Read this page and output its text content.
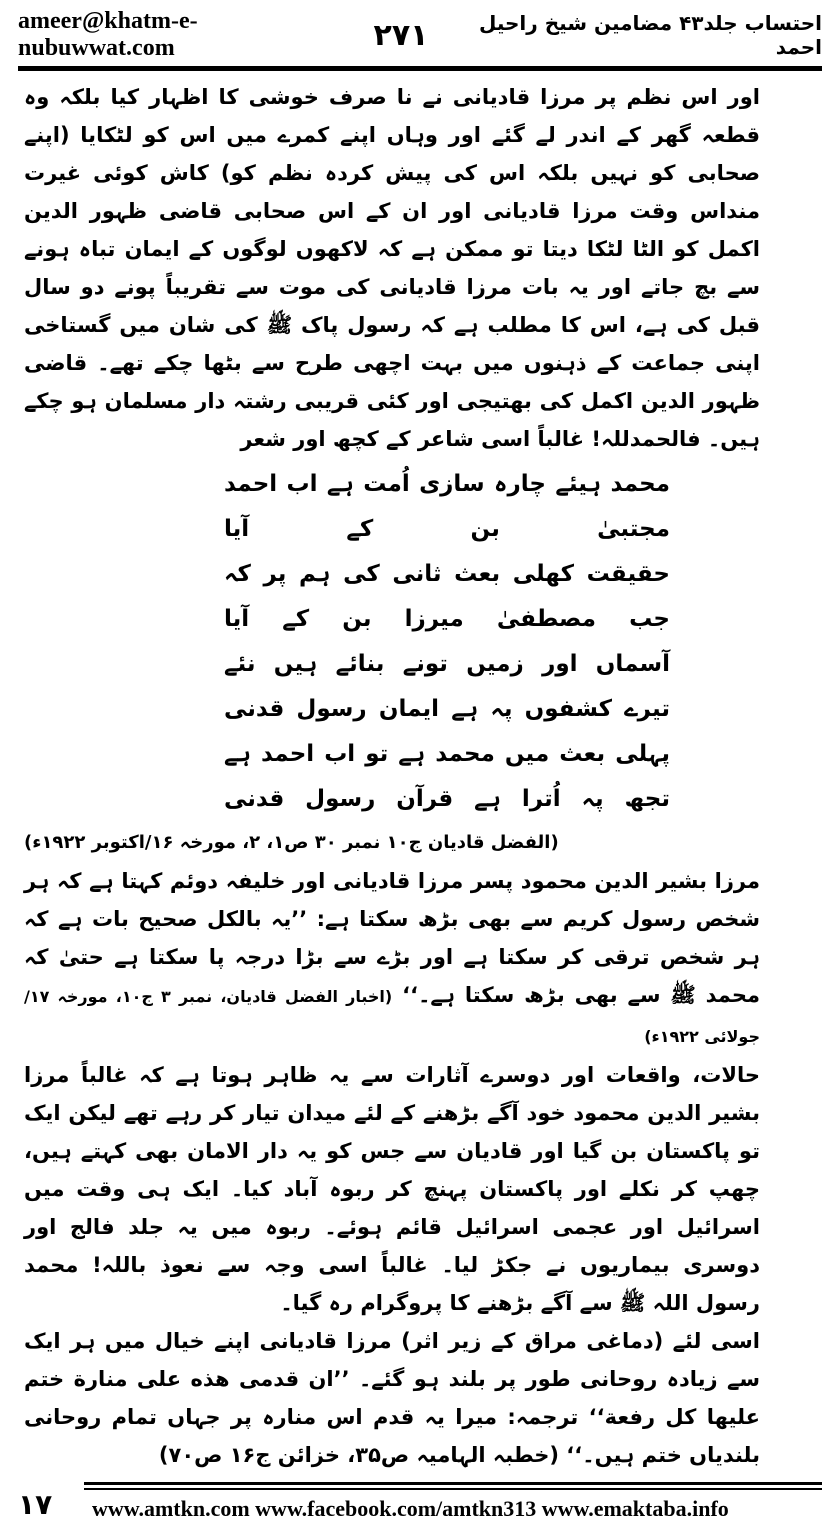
ameer@khatm-e-nubuwwat.com	۲۷۱	احتساب جلد۴۳ مضامین شیخ راحیل احمد

اور اس نظم پر مرزا قادیانی نے نا صرف خوشی کا اظہار کیا بلکہ وہ قطعہ گھر کے اندر لے گئے اور وہاں اپنے کمرے میں اس کو لٹکایا (اپنے صحابی کو نہیں بلکہ اس کی پیش کردہ نظم کو) کاش کوئی غیرت منداس وقت مرزا قادیانی اور ان کے اس صحابی قاضی ظہور الدین اکمل کو الٹا لٹکا دیتا تو ممکن ہے کہ لاکھوں لوگوں کے ایمان تباہ ہونے سے بچ جاتے اور یہ بات مرزا قادیانی کی موت سے تقریباً پونے دو سال قبل کی ہے، اس کا مطلب ہے کہ رسول پاک ﷺ کی شان میں گستاخی اپنی جماعت کے ذہنوں میں بہت اچھی طرح سے بٹھا چکے تھے۔ قاضی ظہور الدین اکمل کی بھتیجی اور کئی قریبی رشتہ دار مسلمان ہو چکے ہیں۔ فالحمدللہ! غالباً اسی شاعر کے کچھ اور شعر

محمد ہیئے چارہ سازی اُمت ہے اب احمد مجتبیٰ بن کے آیا
حقیقت کھلی بعث ثانی کی ہم پر کہ جب مصطفیٰ میرزا بن کے آیا
آسماں اور زمیں تونے بنائے ہیں نئے
تیرے کشفوں پہ ہے ایمان رسول قدنی
پہلی بعث میں محمد ہے تو اب احمد ہے
تجھ پہ اُترا ہے قرآن رسول قدنی

(الفضل قادیان ج۱۰ نمبر ۳۰ ص۱، ۲، مورخہ ۱۶/اکتوبر ۱۹۲۲ء)

مرزا بشیر الدین محمود پسر مرزا قادیانی اور خلیفہ دوئم کہتا ہے کہ ہر شخص رسول کریم سے بھی بڑھ سکتا ہے: ’’یہ بالکل صحیح بات ہے کہ ہر شخص ترقی کر سکتا ہے اور بڑے سے بڑا درجہ پا سکتا ہے حتیٰ کہ محمد ﷺ سے بھی بڑھ سکتا ہے۔‘‘ (اخبار الفضل قادیان، نمبر ۳ ج۱۰، مورخہ ۱۷/جولائی ۱۹۲۲ء)

حالات، واقعات اور دوسرے آثارات سے یہ ظاہر ہوتا ہے کہ غالباً مرزا بشیر الدین محمود خود آگے بڑھنے کے لئے میدان تیار کر رہے تھے لیکن ایک تو پاکستان بن گیا اور قادیان سے جس کو یہ دار الامان بھی کہتے ہیں، چھپ کر نکلے اور پاکستان پہنچ کر ربوہ آباد کیا۔ ایک ہی وقت میں اسرائیل اور عجمی اسرائیل قائم ہوئے۔ ربوہ میں یہ جلد فالج اور دوسری بیماریوں نے جکڑ لیا۔ غالباً اسی وجہ سے نعوذ باللہ! محمد رسول اللہ ﷺ سے آگے بڑھنے کا پروگرام رہ گیا۔

اسی لئے (دماغی مراق کے زیر اثر) مرزا قادیانی اپنے خیال میں ہر ایک سے زیادہ روحانی طور پر بلند ہو گئے۔ ’’ان قدمی هذه علی منارة ختم علیها کل رفعة‘‘ ترجمہ: میرا یہ قدم اس منارہ پر جہاں تمام روحانی بلندیاں ختم ہیں۔‘‘ (خطبہ الہامیہ ص۳۵، خزائن ج۱۶ ص۷۰)

۱۷	www.amtkn.com www.facebook.com/amtkn313 www.emaktaba.info
